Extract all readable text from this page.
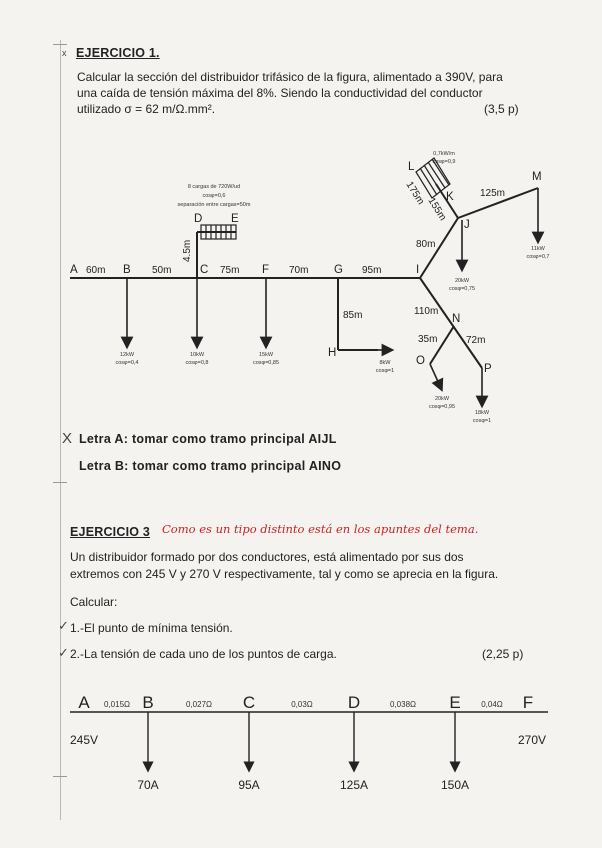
x EJERCICIO 1.
Calcular la sección del distribuidor trifásico de la figura, alimentado a 390V, para
una caída de tensión máxima del 8%. Siendo la conductividad del conductor
utilizado σ = 62 m/Ω.mm².	(3,5 p)
A	B	C
D E
F	G
H
I
J
K
L
M
N
O
P
60m	50m
4.5m
75m	70m	95m
85m
80m
155m
175m	125m
110m
35m	72m
12kW
cosφ=0,4
10kW
cosφ=0,8
15kW
cosφ=0,85	8kW
cosφ=1
20kW
cosφ=0,75
11kW
cosφ=0,7
20kW
cosφ=0,95
18kW
cosφ=1
0,7kW/m
cosφ=0,9
8 cargas de 720W/ud
cosφ=0,6
separación entre cargas=50m
X Letra A: tomar como tramo principal AIJL
Letra B: tomar como tramo principal AINO
EJERCICIO 3 Como es un tipo distinto está en los apuntes del tema.
Un distribuidor formado por dos conductores, está alimentado por sus dos
extremos con 245 V y 270 V respectivamente, tal y como se aprecia en la figura.
Calcular:
✓ 1.-El punto de mínima tensión.
✓ 2.-La tensión de cada uno de los puntos de carga.	(2,25 p)
A	B	C	D	E	F
0,015Ω	0,027Ω	0,03Ω	0,038Ω	0,04Ω
245V	270V
70A	95A	125A	150A
